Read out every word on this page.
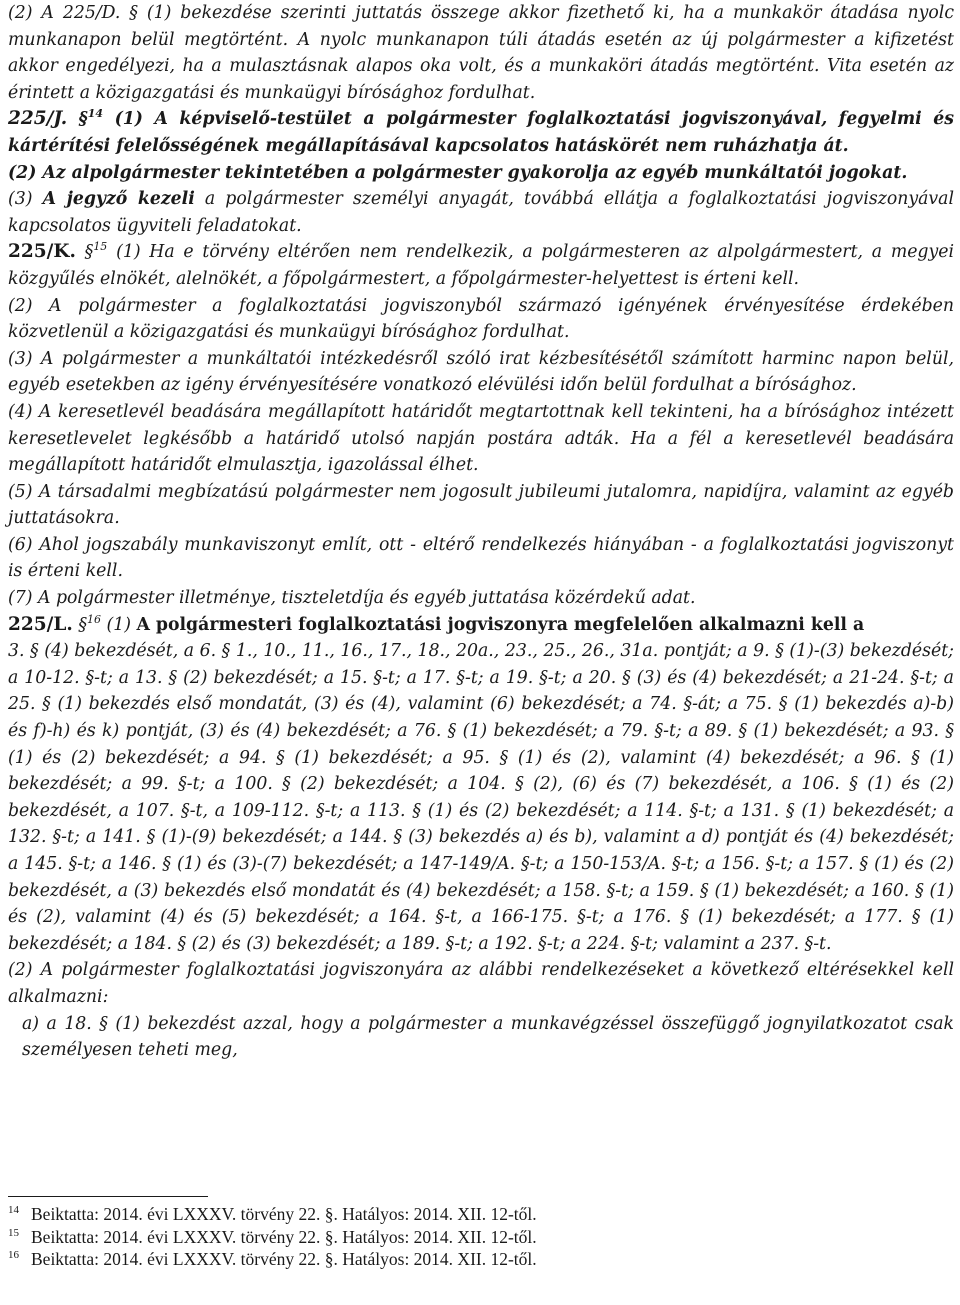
(2) A 225/D. § (1) bekezdése szerinti juttatás összege akkor fizethető ki, ha a munkakör átadása nyolc munkanapon belül megtörtént. A nyolc munkanapon túli átadás esetén az új polgármester a kifizetést akkor engedélyezi, ha a mulasztásnak alapos oka volt, és a munkaköri átadás megtörtént. Vita esetén az érintett a közigazgatási és munkaügyi bírósághoz fordulhat.

225/J. §$^{14}$ (1) A képviselő-testület a polgármester foglalkoztatási jogviszonyával, fegyelmi és kártérítési felelősségének megállapításával kapcsolatos hatáskörét nem ruházhatja át.

(2) Az alpolgármester tekintetében a polgármester gyakorolja az egyéb munkáltatói jogokat.

(3) A jegyző kezeli a polgármester személyi anyagát, továbbá ellátja a foglalkoztatási jogviszonyával kapcsolatos ügyviteli feladatokat.

225/K. §$^{15}$ (1) Ha e törvény eltérően nem rendelkezik, a polgármesteren az alpolgármestert, a megyei közgyűlés elnökét, alelnökét, a főpolgármestert, a főpolgármester-helyettest is érteni kell.

(2) A polgármester a foglalkoztatási jogviszonyból származó igényének érvényesítése érdekében közvetlenül a közigazgatási és munkaügyi bírósághoz fordulhat.

(3) A polgármester a munkáltatói intézkedésről szóló irat kézbesítésétől számított harminc napon belül, egyéb esetekben az igény érvényesítésére vonatkozó elévülési időn belül fordulhat a bírósághoz.

(4) A keresetlevél beadására megállapított határidőt megtartottnak kell tekinteni, ha a bírósághoz intézett keresetlevelet legkésőbb a határidő utolsó napján postára adták. Ha a fél a keresetlevél beadására megállapított határidőt elmulasztja, igazolással élhet.

(5) A társadalmi megbízatású polgármester nem jogosult jubileumi jutalomra, napidíjra, valamint az egyéb juttatásokra.

(6) Ahol jogszabály munkaviszonyt említ, ott - eltérő rendelkezés hiányában - a foglalkoztatási jogviszonyt is érteni kell.

(7) A polgármester illetménye, tiszteletdíja és egyéb juttatása közérdekű adat.

225/L. §$^{16}$ (1) A polgármesteri foglalkoztatási jogviszonyra megfelelően alkalmazni kell a

3. § (4) bekezdését, a 6. § 1., 10., 11., 16., 17., 18., 20a., 23., 25., 26., 31a. pontját; a 9. § (1)-(3) bekezdését; a 10-12. §-t; a 13. § (2) bekezdését; a 15. §-t; a 17. §-t; a 19. §-t; a 20. § (3) és (4) bekezdését; a 21-24. §-t; a 25. § (1) bekezdés első mondatát, (3) és (4), valamint (6) bekezdését; a 74. §-át; a 75. § (1) bekezdés a)-b) és f)-h) és k) pontját, (3) és (4) bekezdését; a 76. § (1) bekezdését; a 79. §-t; a 89. § (1) bekezdését; a 93. § (1) és (2) bekezdését; a 94. § (1) bekezdését; a 95. § (1) és (2), valamint (4) bekezdését; a 96. § (1) bekezdését; a 99. §-t; a 100. § (2) bekezdését; a 104. § (2), (6) és (7) bekezdését, a 106. § (1) és (2) bekezdését, a 107. §-t, a 109-112. §-t; a 113. § (1) és (2) bekezdését; a 114. §-t; a 131. § (1) bekezdését; a 132. §-t; a 141. § (1)-(9) bekezdését; a 144. § (3) bekezdés a) és b), valamint a d) pontját és (4) bekezdését; a 145. §-t; a 146. § (1) és (3)-(7) bekezdését; a 147-149/A. §-t; a 150-153/A. §-t; a 156. §-t; a 157. § (1) és (2) bekezdését, a (3) bekezdés első mondatát és (4) bekezdését; a 158. §-t; a 159. § (1) bekezdését; a 160. § (1) és (2), valamint (4) és (5) bekezdését; a 164. §-t, a 166-175. §-t; a 176. § (1) bekezdését; a 177. § (1) bekezdését; a 184. § (2) és (3) bekezdését; a 189. §-t; a 192. §-t; a 224. §-t; valamint a 237. §-t.

(2) A polgármester foglalkoztatási jogviszonyára az alábbi rendelkezéseket a következő eltérésekkel kell alkalmazni:

a) a 18. § (1) bekezdést azzal, hogy a polgármester a munkavégzéssel összefüggő jognyilatkozatot csak személyesen teheti meg,

$^{14}$ Beiktatta: 2014. évi LXXXV. törvény 22. §. Hatályos: 2014. XII. 12-től.
$^{15}$ Beiktatta: 2014. évi LXXXV. törvény 22. §. Hatályos: 2014. XII. 12-től.
$^{16}$ Beiktatta: 2014. évi LXXXV. törvény 22. §. Hatályos: 2014. XII. 12-től.
